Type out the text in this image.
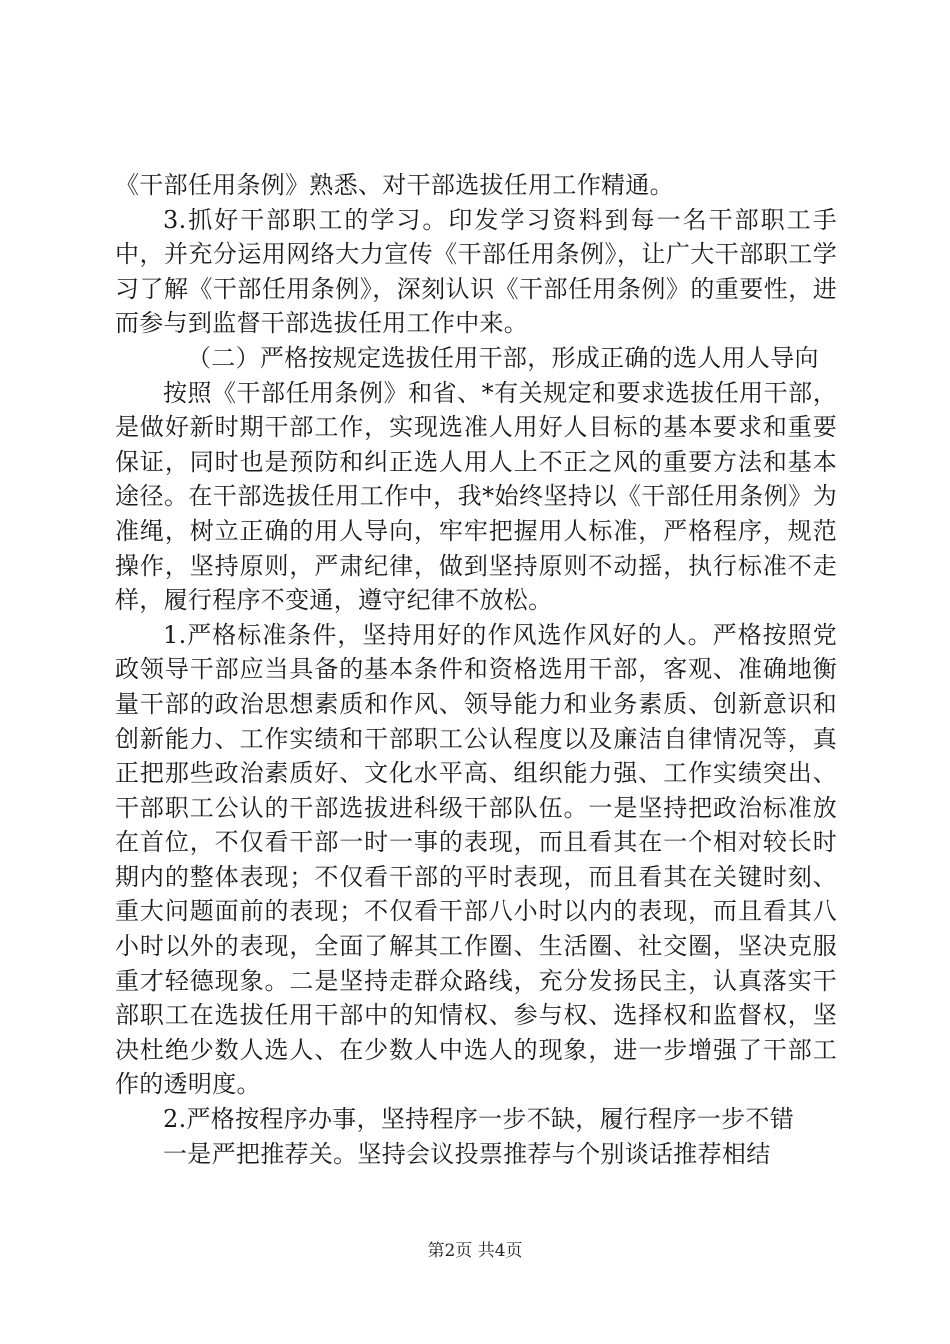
《干部任用条例》熟悉、对干部选拔任用工作精通。

3.抓好干部职工的学习。印发学习资料到每一名干部职工手中，并充分运用网络大力宣传《干部任用条例》，让广大干部职工学习了解《干部任用条例》，深刻认识《干部任用条例》的重要性，进而参与到监督干部选拔任用工作中来。

（二）严格按规定选拔任用干部，形成正确的选人用人导向

按照《干部任用条例》和省、*有关规定和要求选拔任用干部，是做好新时期干部工作，实现选准人用好人目标的基本要求和重要保证，同时也是预防和纠正选人用人上不正之风的重要方法和基本途径。在干部选拔任用工作中，我*始终坚持以《干部任用条例》为准绳，树立正确的用人导向，牢牢把握用人标准，严格程序，规范操作，坚持原则，严肃纪律，做到坚持原则不动摇，执行标准不走样，履行程序不变通，遵守纪律不放松。

1.严格标准条件，坚持用好的作风选作风好的人。严格按照党政领导干部应当具备的基本条件和资格选用干部，客观、准确地衡量干部的政治思想素质和作风、领导能力和业务素质、创新意识和创新能力、工作实绩和干部职工公认程度以及廉洁自律情况等，真正把那些政治素质好、文化水平高、组织能力强、工作实绩突出、干部职工公认的干部选拔进科级干部队伍。一是坚持把政治标准放在首位，不仅看干部一时一事的表现，而且看其在一个相对较长时期内的整体表现；不仅看干部的平时表现，而且看其在关键时刻、重大问题面前的表现；不仅看干部八小时以内的表现，而且看其八小时以外的表现，全面了解其工作圈、生活圈、社交圈，坚决克服重才轻德现象。二是坚持走群众路线，充分发扬民主，认真落实干部职工在选拔任用干部中的知情权、参与权、选择权和监督权，坚决杜绝少数人选人、在少数人中选人的现象，进一步增强了干部工作的透明度。

2.严格按程序办事，坚持程序一步不缺，履行程序一步不错

一是严把推荐关。坚持会议投票推荐与个别谈话推荐相结

第2页 共4页
